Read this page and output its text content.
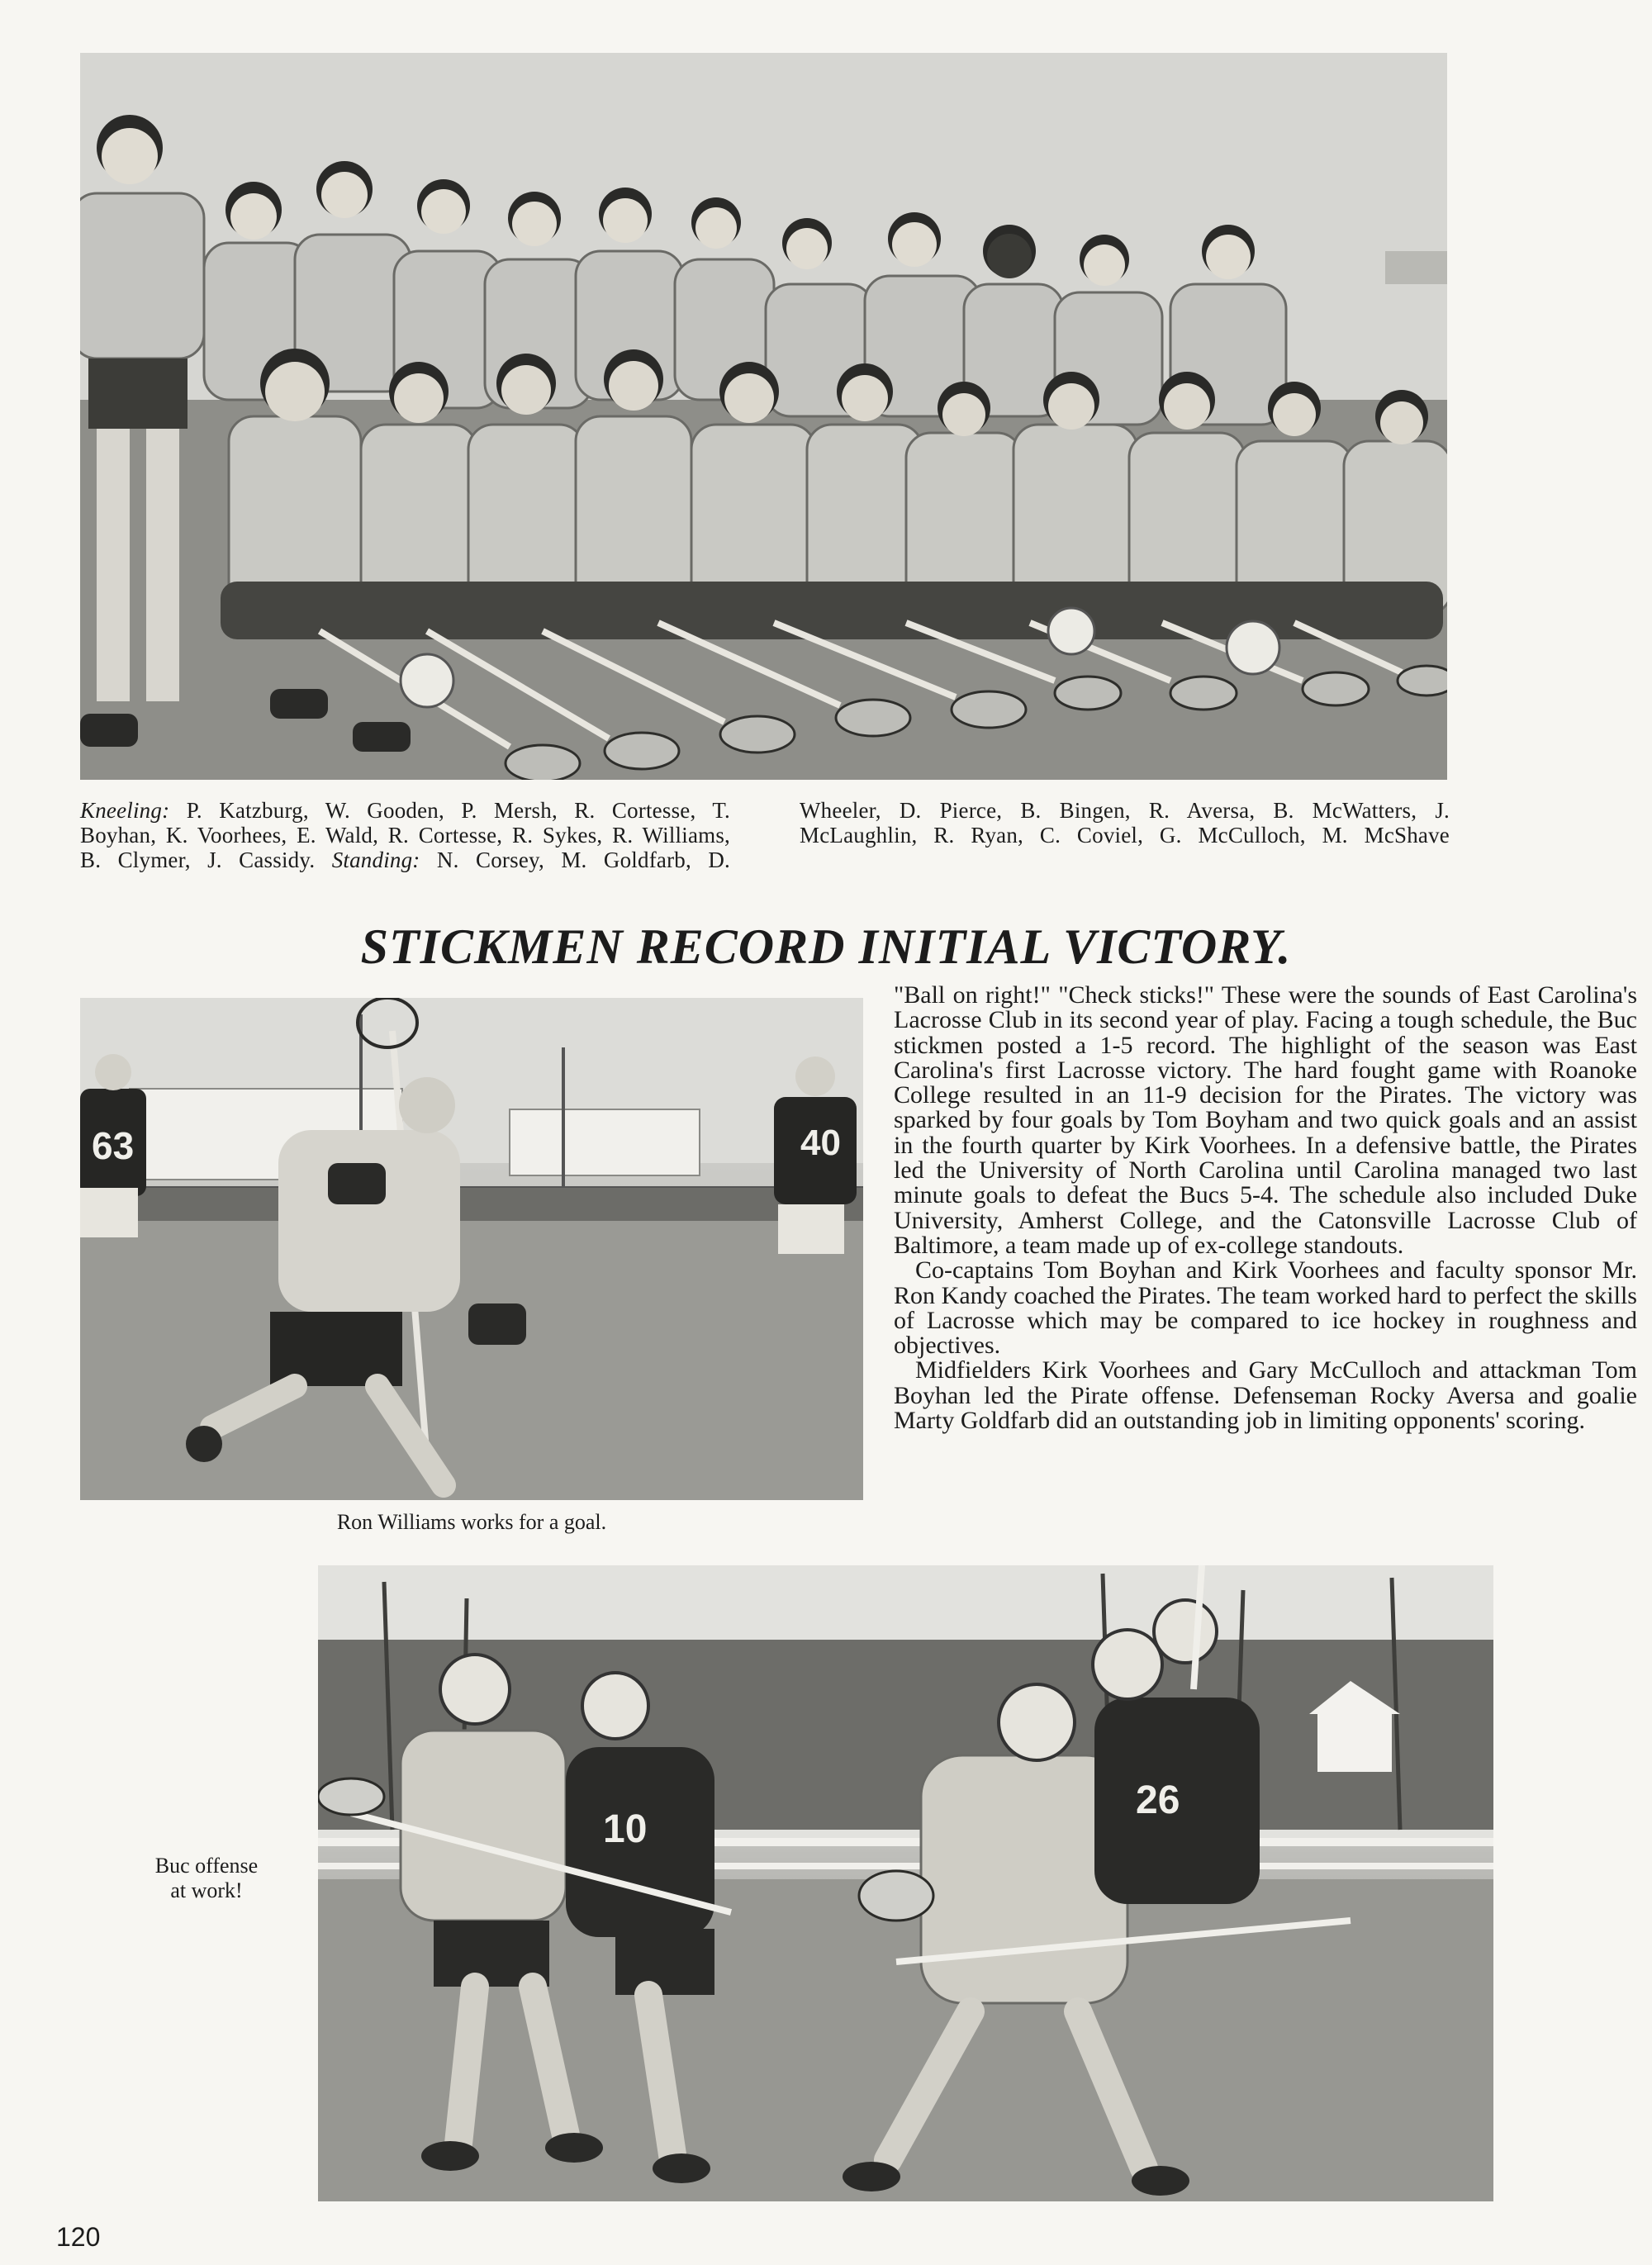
Kneeling: P. Katzburg, W. Gooden, P. Mersh, R. Cortesse, T.
Boyhan, K. Voorhees, E. Wald, R. Cortesse, R. Sykes, R. Williams,
B. Clymer, J. Cassidy. Standing: N. Corsey, M. Goldfarb, D.
Wheeler, D. Pierce, B. Bingen, R. Aversa, B. McWatters, J.
McLaughlin, R. Ryan, C. Coviel, G. McCulloch, M. McShave
STICKMEN RECORD INITIAL VICTORY.
63	40
Ron Williams works for a goal.

"Ball on right!" "Check sticks!" These were the sounds of East Carolina's Lacrosse Club in its second year of play. Facing a tough schedule, the Buc stickmen posted a 1-5 record. The highlight of the season was East Carolina's first Lacrosse victory. The hard fought game with Roanoke College resulted in an 11-9 decision for the Pirates. The victory was sparked by four goals by Tom Boyham and two quick goals and an assist in the fourth quarter by Kirk Voorhees. In a defensive battle, the Pirates led the University of North Carolina until Carolina managed two last minute goals to defeat the Bucs 5-4. The schedule also included Duke University, Amherst College, and the Catonsville Lacrosse Club of Baltimore, a team made up of ex-college standouts.

Co-captains Tom Boyhan and Kirk Voorhees and faculty sponsor Mr. Ron Kandy coached the Pirates. The team worked hard to perfect the skills of Lacrosse which may be compared to ice hockey in roughness and objectives.

Midfielders Kirk Voorhees and Gary McCulloch and attackman Tom Boyhan led the Pirate offense. Defenseman Rocky Aversa and goalie Marty Goldfarb did an outstanding job in limiting opponents' scoring.

Buc offense
at work!
10
26
120
